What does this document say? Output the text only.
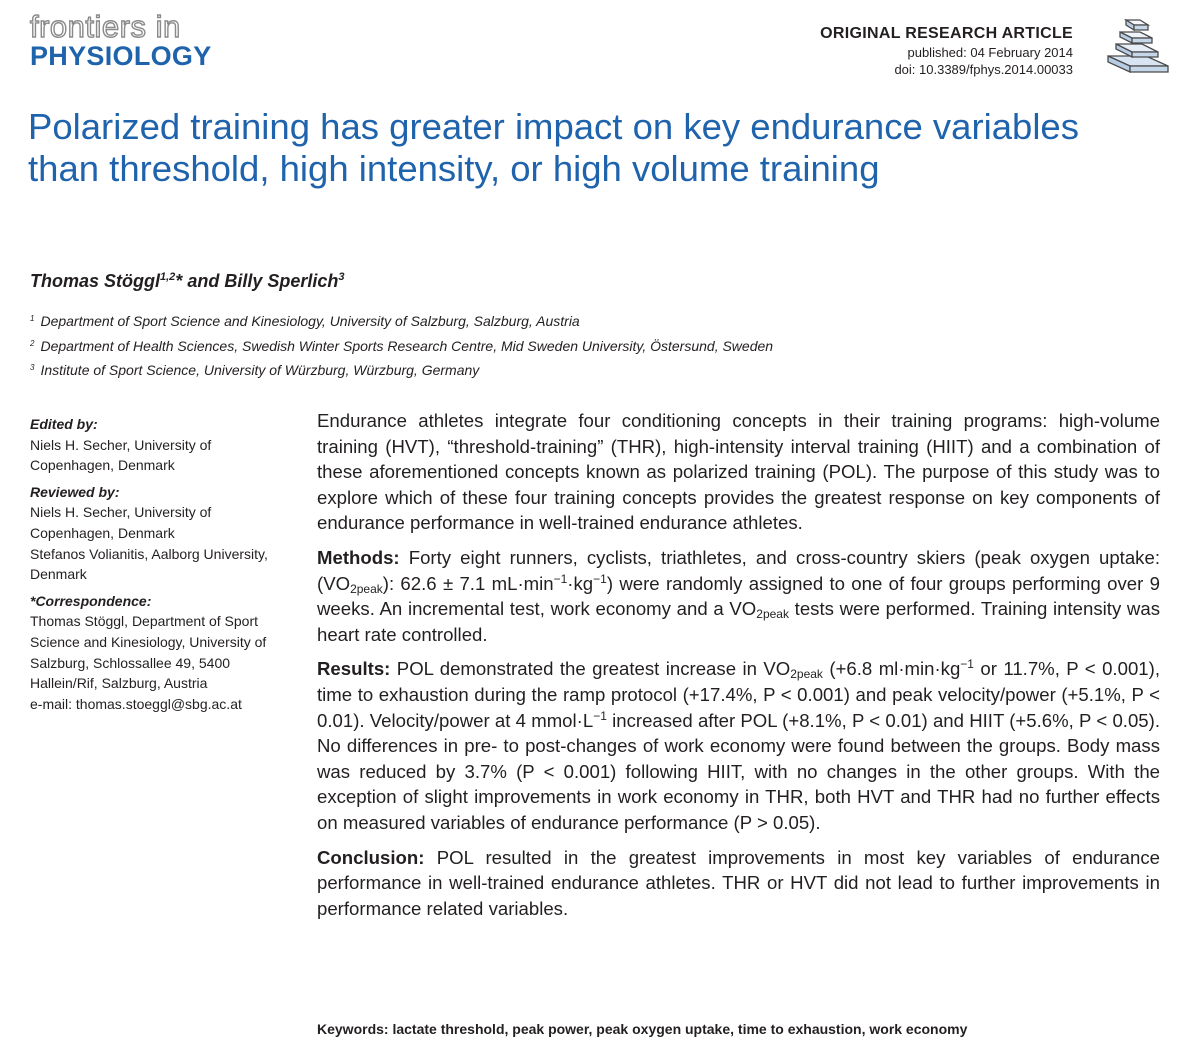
frontiers in
PHYSIOLOGY
ORIGINAL RESEARCH ARTICLE
published: 04 February 2014
doi: 10.3389/fphys.2014.00033
Polarized training has greater impact on key endurance variables than threshold, high intensity, or high volume training
Thomas Stöggl$^{1,2}$* and Billy Sperlich$^3$
$^1$ Department of Sport Science and Kinesiology, University of Salzburg, Salzburg, Austria
$^2$ Department of Health Sciences, Swedish Winter Sports Research Centre, Mid Sweden University, Östersund, Sweden
$^3$ Institute of Sport Science, University of Würzburg, Würzburg, Germany
Edited by:
Niels H. Secher, University of Copenhagen, Denmark
Reviewed by:
Niels H. Secher, University of Copenhagen, Denmark
Stefanos Volianitis, Aalborg University, Denmark
*Correspondence:
Thomas Stöggl, Department of Sport Science and Kinesiology, University of Salzburg, Schlossallee 49, 5400 Hallein/Rif, Salzburg, Austria
e-mail: thomas.stoeggl@sbg.ac.at

Endurance athletes integrate four conditioning concepts in their training programs: high-volume training (HVT), “threshold-training” (THR), high-intensity interval training (HIIT) and a combination of these aforementioned concepts known as polarized training (POL). The purpose of this study was to explore which of these four training concepts provides the greatest response on key components of endurance performance in well-trained endurance athletes.

Methods: Forty eight runners, cyclists, triathletes, and cross-country skiers (peak oxygen uptake: $(VO_{2peak})$: 62.6 ± 7.1 $mL\cdot\min^{-1}\cdot kg^{-1}$) were randomly assigned to one of four groups performing over 9 weeks. An incremental test, work economy and a $VO_{2peak}$ tests were performed. Training intensity was heart rate controlled.

Results: POL demonstrated the greatest increase in $VO_{2peak}$ (+6.8 $ml\cdot\min\cdot kg^{-1}$ or 11.7%, P < 0.001), time to exhaustion during the ramp protocol (+17.4%, P < 0.001) and peak velocity/power (+5.1%, P < 0.01). Velocity/power at 4 $mmol\cdot L^{-1}$ increased after POL (+8.1%, P < 0.01) and HIIT (+5.6%, P < 0.05). No differences in pre- to post-changes of work economy were found between the groups. Body mass was reduced by 3.7% (P < 0.001) following HIIT, with no changes in the other groups. With the exception of slight improvements in work economy in THR, both HVT and THR had no further effects on measured variables of endurance performance (P > 0.05).

Conclusion: POL resulted in the greatest improvements in most key variables of endurance performance in well-trained endurance athletes. THR or HVT did not lead to further improvements in performance related variables.

Keywords: lactate threshold, peak power, peak oxygen uptake, time to exhaustion, work economy
